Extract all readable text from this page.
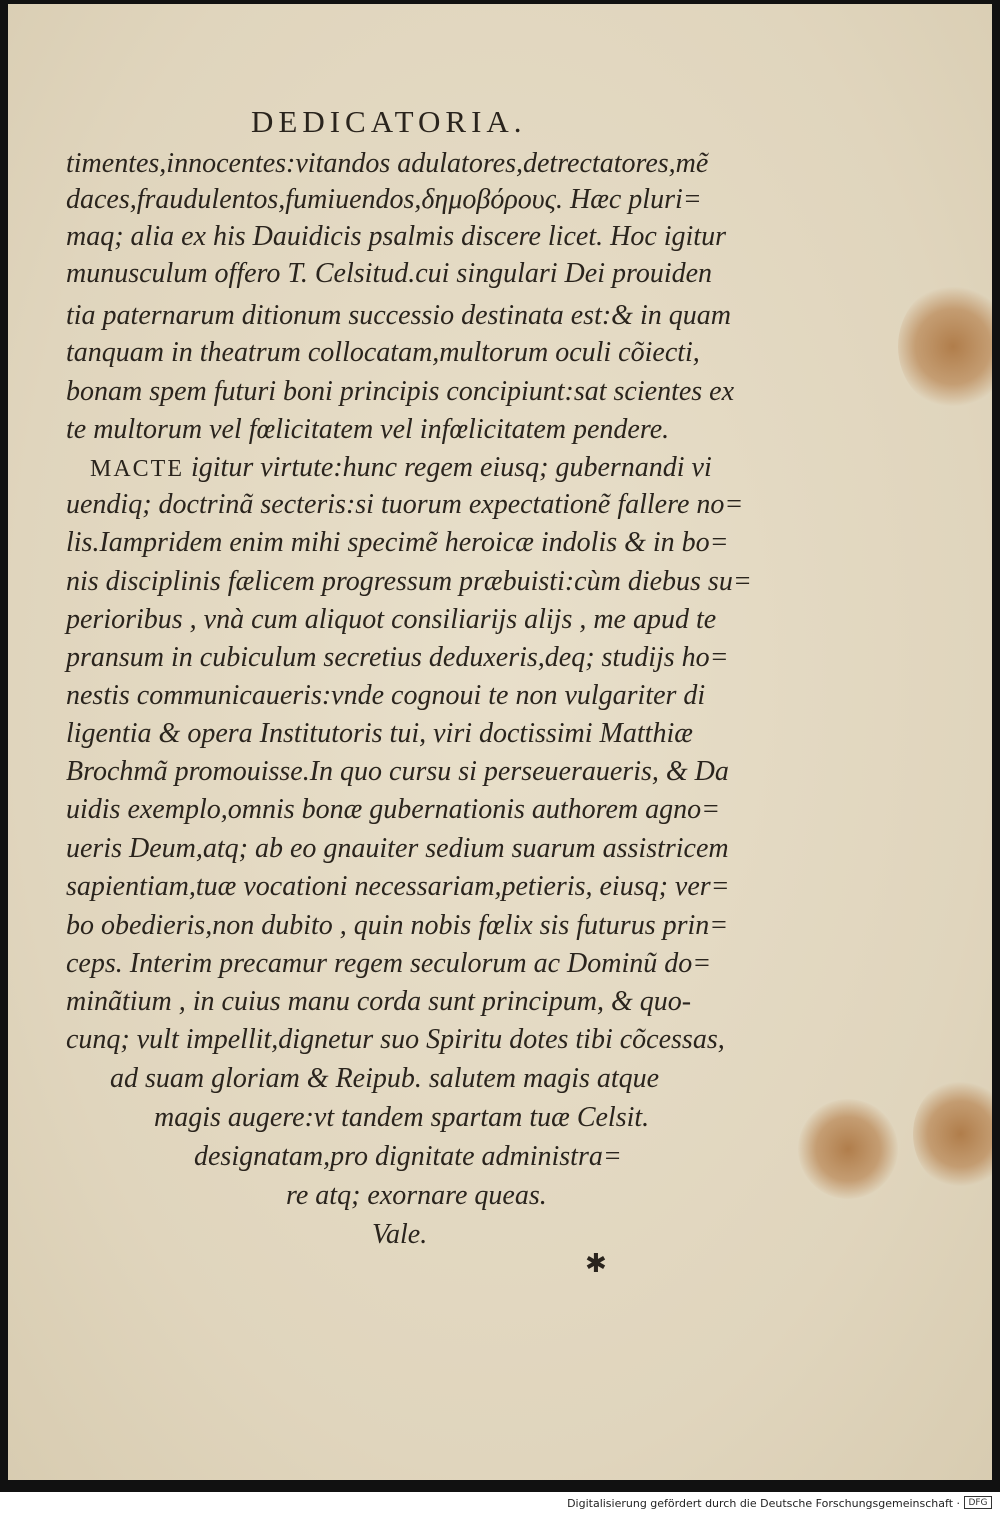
DEDICATORIA.
timentes,innocentes:vitandos adulatores,detrectatores,mẽ
daces,fraudulentos,fumiuendos,δημοβόρους. Hæc pluri=
maq; alia ex his Dauidicis psalmis discere licet. Hoc igitur
munusculum offero T. Celsitud.cui singulari Dei prouiden
tia paternarum ditionum successio destinata est:& in quam
tanquam in theatrum collocatam,multorum oculi cõiecti,
bonam spem futuri boni principis concipiunt:sat scientes ex
te multorum vel fœlicitatem vel infœlicitatem pendere.
MACTE igitur virtute:hunc regem eiusq; gubernandi vi
uendiq; doctrinã secteris:si tuorum expectationẽ fallere no=
lis.Iampridem enim mihi specimẽ heroicæ indolis & in bo=
nis disciplinis fælicem progressum præbuisti:cùm diebus su=
perioribus , vnà cum aliquot consiliarijs alijs , me apud te
pransum in cubiculum secretius deduxeris,deq; studijs ho=
nestis communicaueris:vnde cognoui te non vulgariter di
ligentia & opera Institutoris tui, viri doctissimi Matthiæ
Brochmã promouisse.In quo cursu si perseueraueris, & Da
uidis exemplo,omnis bonæ gubernationis authorem agno=
ueris Deum,atq; ab eo gnauiter sedium suarum assistricem
sapientiam,tuæ vocationi necessariam,petieris, eiusq; ver=
bo obedieris,non dubito , quin nobis fœlix sis futurus prin=
ceps. Interim precamur regem seculorum ac Dominũ do=
minãtium , in cuius manu corda sunt principum, & quo-
cunq; vult impellit,dignetur suo Spiritu dotes tibi cõcessas,
ad suam gloriam & Reipub. salutem magis atque
magis augere:vt tandem spartam tuæ Celsit.
designatam,pro dignitate administra=
re atq; exornare queas.
Vale.
✱
Digitalisierung gefördert durch die Deutsche Forschungsgemeinschaft · DFG
